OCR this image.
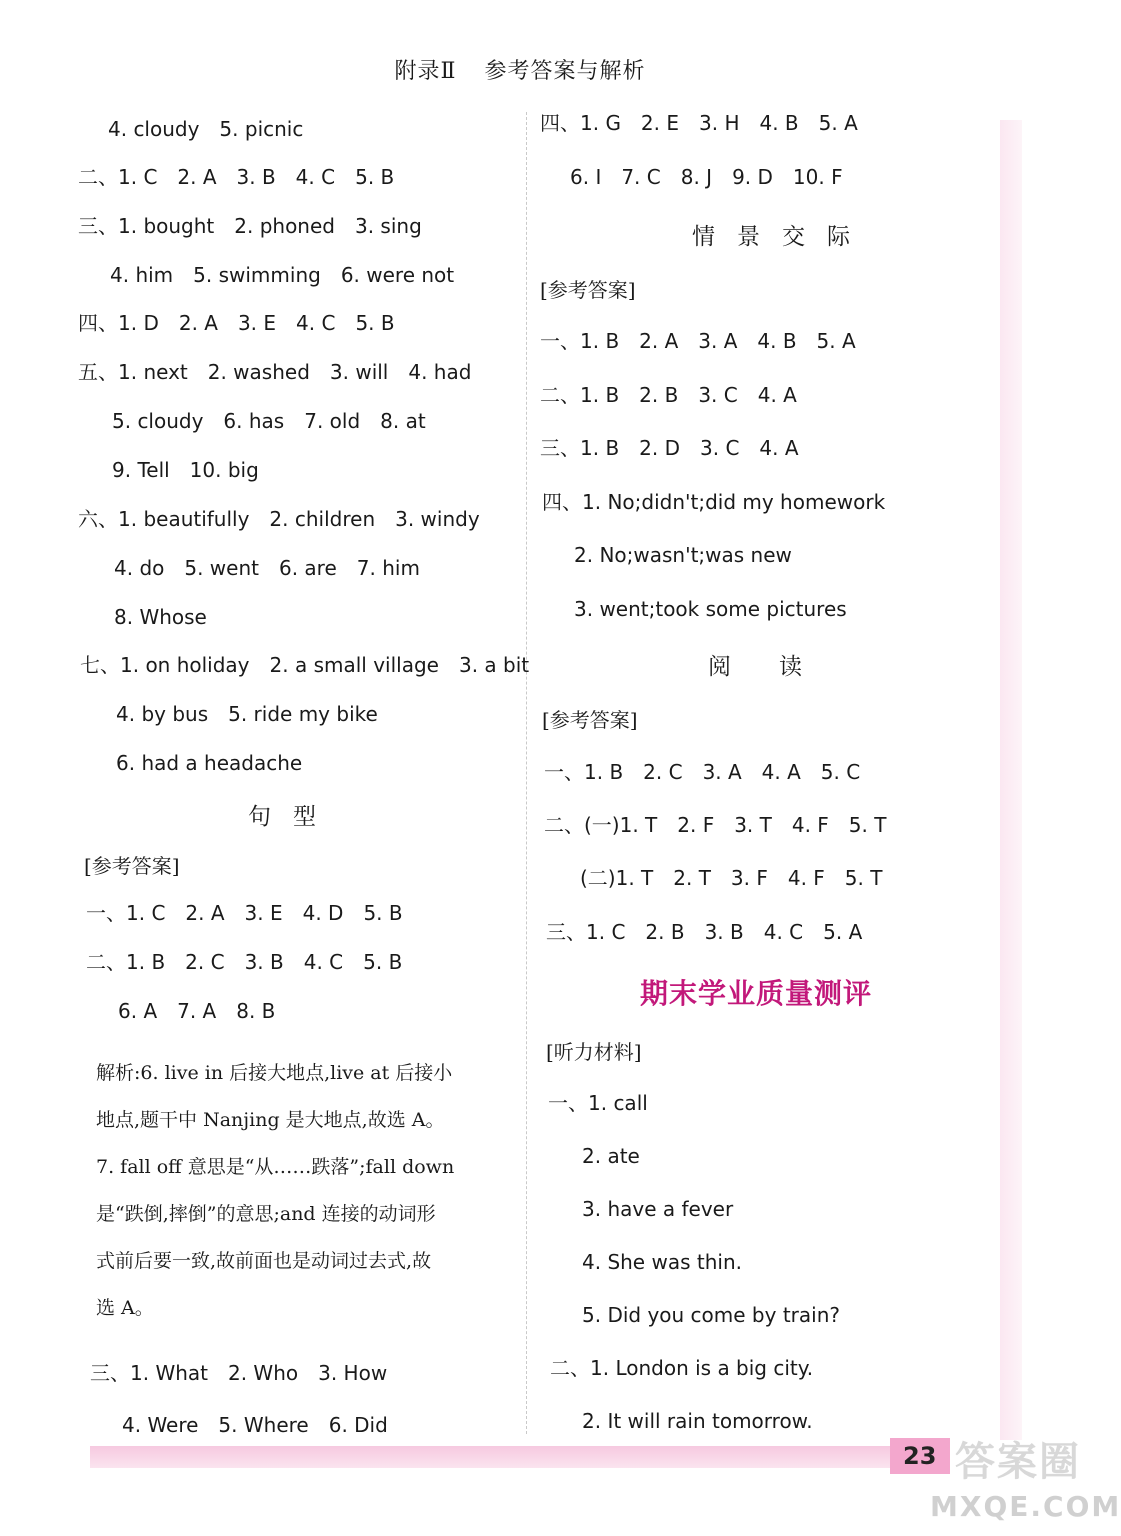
23 答案圈
MXQE.COM
附录Ⅱ 参考答案与解析
4. cloudy　5. picnic
二、1. C　2. A　3. B　4. C　5. B
三、1. bought　2. phoned　3. sing
4. him　5. swimming　6. were not
四、1. D　2. A　3. E　4. C　5. B
五、1. next　2. washed　3. will　4. had
5. cloudy　6. has　7. old　8. at
9. Tell　10. big
六、1. beautifully　2. children　3. windy
4. do　5. went　6. are　7. him
8. Whose
七、1. on holiday　2. a small village　3. a bit
4. by bus　5. ride my bike
6. had a headache
句型
[参考答案]
一、1. C　2. A　3. E　4. D　5. B
二、1. B　2. C　3. B　4. C　5. B
6. A　7. A　8. B
解析:6. live in 后接大地点,live at 后接小
地点,题干中 Nanjing 是大地点,故选 A。
7. fall off 意思是“从……跌落”;fall down
是“跌倒,摔倒”的意思;and 连接的动词形
式前后要一致,故前面也是动词过去式,故
选 A。
三、1. What　2. Who　3. How
4. Were　5. Where　6. Did
四、1. G　2. E　3. H　4. B　5. A
6. I　7. C　8. J　9. D　10. F
情景交际
[参考答案]
一、1. B　2. A　3. A　4. B　5. A
二、1. B　2. B　3. C　4. A
三、1. B　2. D　3. C　4. A
四、1. No;didn't;did my homework
2. No;wasn't;was new
3. went;took some pictures
阅读
[参考答案]
一、1. B　2. C　3. A　4. A　5. C
二、(一)1. T　2. F　3. T　4. F　5. T
(二)1. T　2. T　3. F　4. F　5. T
三、1. C　2. B　3. B　4. C　5. A
[听力材料]
一、1. call
2. ate
3. have a fever
4. She was thin.
5. Did you come by train?
二、1. London is a big city.
2. It will rain tomorrow.
期末学业质量测评
